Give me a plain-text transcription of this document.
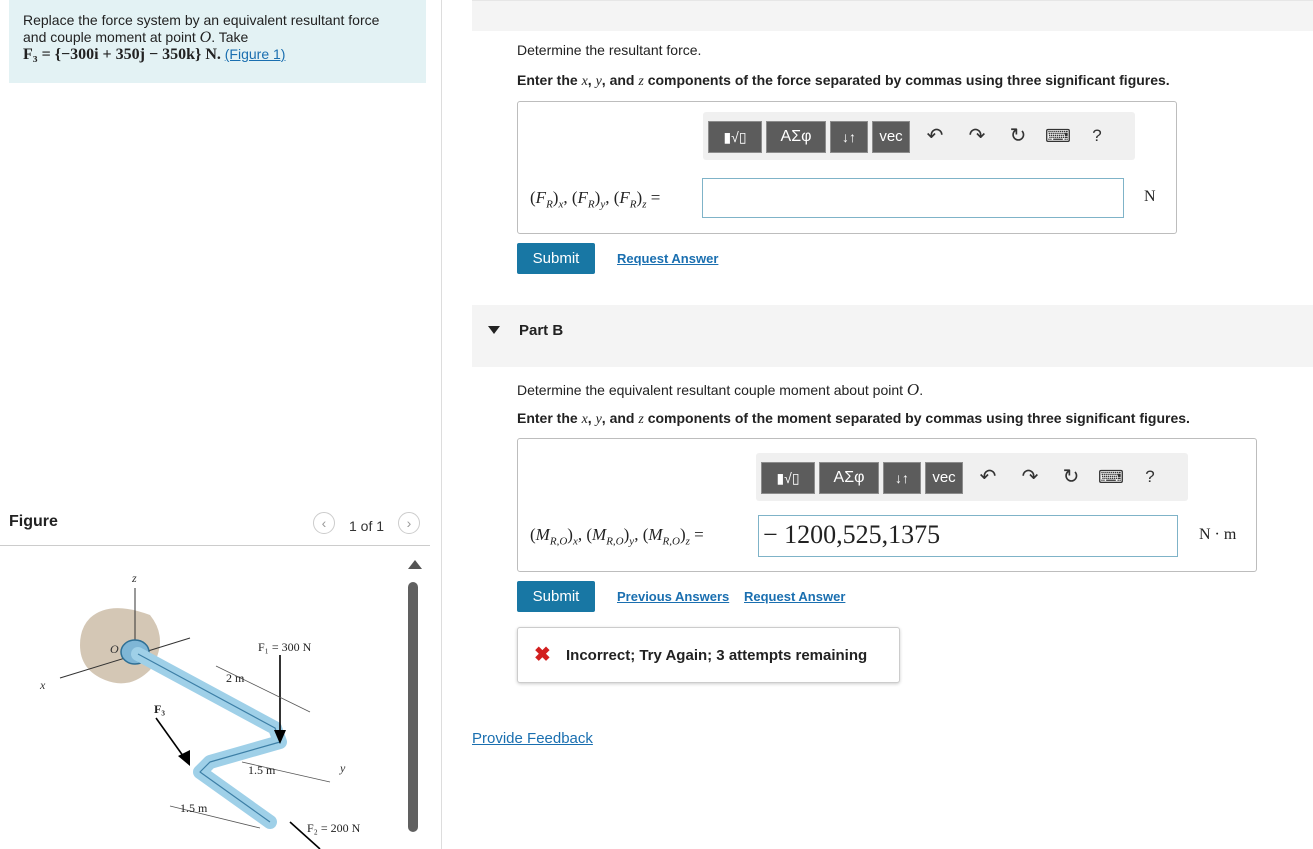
Replace the force system by an equivalent resultant force
and couple moment at point O. Take
F₃ = {−300i + 350j − 350k} N. (Figure 1)
Figure	‹	1 of 1	›
z
O
x
y
F₁ = 300 N
F₂ = 200 N
F₃
2 m
1.5 m
1.5 m
Determine the resultant force.
Enter the x, y, and z components of the force separated by commas using three significant figures.
▮√▯	ΑΣφ	↓↑	vec	↶ ↷ ↻ ⌨	?
$(F_R)_x$, $(F_R)_y$, $(F_R)_z$ =	N
Submit	Request Answer
Part B
Determine the equivalent resultant couple moment about point O.
Enter the x, y, and z components of the moment separated by commas using three significant figures.
▮√▯	ΑΣφ	↓↑	vec	↶ ↷ ↻ ⌨	?
$(M_{R,O})_x$, $(M_{R,O})_y$, $(M_{R,O})_z$ = − 1200,525,1375	N · m
Submit	Previous Answers Request Answer
✖ Incorrect; Try Again; 3 attempts remaining
Provide Feedback
